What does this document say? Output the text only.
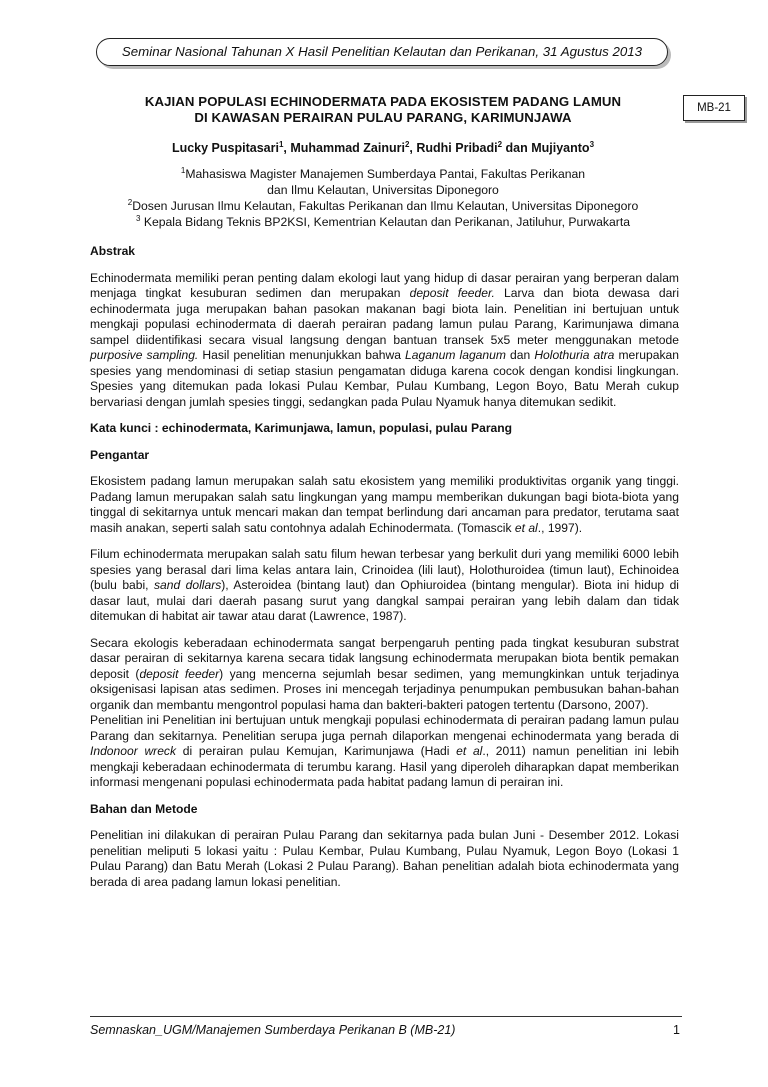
Seminar Nasional Tahunan X Hasil Penelitian Kelautan dan Perikanan, 31 Agustus 2013
MB-21
KAJIAN POPULASI ECHINODERMATA PADA EKOSISTEM PADANG LAMUN
DI KAWASAN PERAIRAN PULAU PARANG, KARIMUNJAWA
Lucky Puspitasari$^1$, Muhammad Zainuri$^2$, Rudhi Pribadi$^2$ dan Mujiyanto$^3$
$^1$Mahasiswa Magister Manajemen Sumberdaya Pantai, Fakultas Perikanan
dan Ilmu Kelautan, Universitas Diponegoro
$^2$Dosen Jurusan Ilmu Kelautan, Fakultas Perikanan dan Ilmu Kelautan, Universitas Diponegoro
$^3$ Kepala Bidang Teknis BP2KSI, Kementrian Kelautan dan Perikanan, Jatiluhur, Purwakarta
Abstrak

Echinodermata memiliki peran penting dalam ekologi laut yang hidup di dasar perairan yang berperan dalam menjaga tingkat kesuburan sedimen dan merupakan deposit feeder. Larva dan biota dewasa dari echinodermata juga merupakan bahan pasokan makanan bagi biota lain. Penelitian ini bertujuan untuk mengkaji populasi echinodermata di daerah perairan padang lamun pulau Parang, Karimunjawa dimana sampel diidentifikasi secara visual langsung dengan bantuan transek 5x5 meter menggunakan metode purposive sampling. Hasil penelitian menunjukkan bahwa Laganum laganum dan Holothuria atra merupakan spesies yang mendominasi di setiap stasiun pengamatan diduga karena cocok dengan kondisi lingkungan. Spesies yang ditemukan pada lokasi Pulau Kembar, Pulau Kumbang, Legon Boyo, Batu Merah cukup bervariasi dengan jumlah spesies tinggi, sedangkan pada Pulau Nyamuk hanya ditemukan sedikit.

Kata kunci : echinodermata, Karimunjawa, lamun, populasi, pulau Parang
Pengantar

Ekosistem padang lamun merupakan salah satu ekosistem yang memiliki produktivitas organik yang tinggi. Padang lamun merupakan salah satu lingkungan yang mampu memberikan dukungan bagi biota-biota yang tinggal di sekitarnya untuk mencari makan dan tempat berlindung dari ancaman para predator, terutama saat masih anakan, seperti salah satu contohnya adalah Echinodermata. (Tomascik et al., 1997).

Filum echinodermata merupakan salah satu filum hewan terbesar yang berkulit duri yang memiliki 6000 lebih spesies yang berasal dari lima kelas antara lain, Crinoidea (lili laut), Holothuroidea (timun laut), Echinoidea (bulu babi, sand dollars), Asteroidea (bintang laut) dan Ophiuroidea (bintang mengular). Biota ini hidup di dasar laut, mulai dari daerah pasang surut yang dangkal sampai perairan yang lebih dalam dan tidak ditemukan di habitat air tawar atau darat (Lawrence, 1987).

Secara ekologis keberadaan echinodermata sangat berpengaruh penting pada tingkat kesuburan substrat dasar perairan di sekitarnya karena secara tidak langsung echinodermata merupakan biota bentik pemakan deposit (deposit feeder) yang mencerna sejumlah besar sedimen, yang memungkinkan untuk terjadinya oksigenisasi lapisan atas sedimen. Proses ini mencegah terjadinya penumpukan pembusukan bahan-bahan organik dan membantu mengontrol populasi hama dan bakteri-bakteri patogen tertentu (Darsono, 2007).

Penelitian ini Penelitian ini bertujuan untuk mengkaji populasi echinodermata di perairan padang lamun pulau Parang dan sekitarnya. Penelitian serupa juga pernah dilaporkan mengenai echinodermata yang berada di Indonoor wreck di perairan pulau Kemujan, Karimunjawa (Hadi et al., 2011) namun penelitian ini lebih mengkaji keberadaan echinodermata di terumbu karang. Hasil yang diperoleh diharapkan dapat memberikan informasi mengenani populasi echinodermata pada habitat padang lamun di perairan ini.

Bahan dan Metode

Penelitian ini dilakukan di perairan Pulau Parang dan sekitarnya pada bulan Juni - Desember 2012. Lokasi penelitian meliputi 5 lokasi yaitu : Pulau Kembar, Pulau Kumbang, Pulau Nyamuk, Legon Boyo (Lokasi 1 Pulau Parang) dan Batu Merah (Lokasi 2 Pulau Parang). Bahan penelitian adalah biota echinodermata yang berada di area padang lamun lokasi penelitian.

Semnaskan_UGM/Manajemen Sumberdaya Perikanan B (MB-21)	1
